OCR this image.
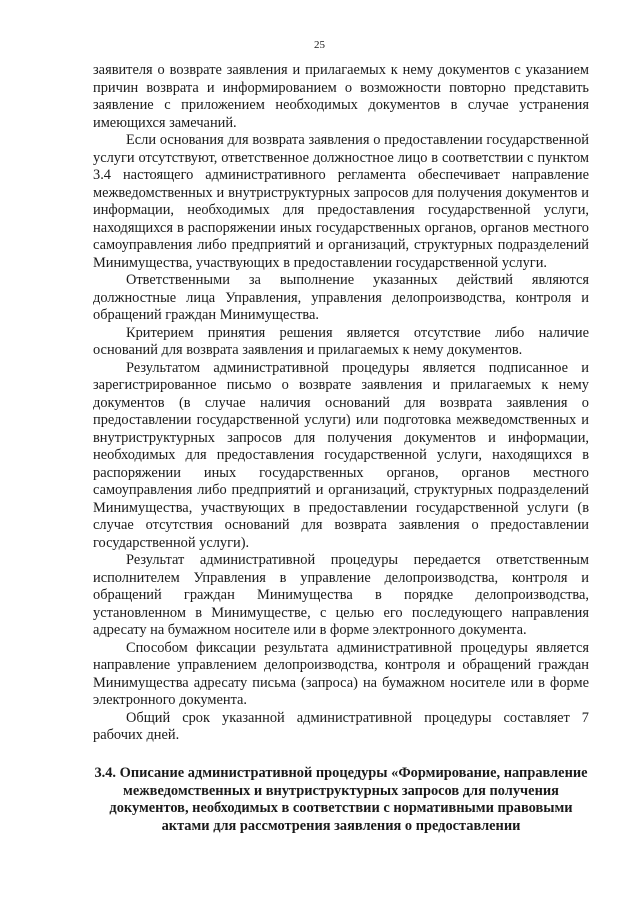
25

заявителя о возврате заявления и прилагаемых к нему документов с указанием причин возврата и информированием о возможности повторно представить заявление с приложением необходимых документов в случае устранения имеющихся замечаний.

Если основания для возврата заявления о предоставлении государственной услуги отсутствуют, ответственное должностное лицо в соответствии с пунктом 3.4 настоящего административного регламента обеспечивает направление межведомственных и внутриструктурных запросов для получения документов и информации, необходимых для предоставления государственной услуги, находящихся в распоряжении иных государственных органов, органов местного самоуправления либо предприятий и организаций, структурных подразделений Минимущества, участвующих в предоставлении государственной услуги.

Ответственными за выполнение указанных действий являются должностные лица Управления, управления делопроизводства, контроля и обращений граждан Минимущества.

Критерием принятия решения является отсутствие либо наличие оснований для возврата заявления и прилагаемых к нему документов.

Результатом административной процедуры является подписанное и зарегистрированное письмо о возврате заявления и прилагаемых к нему документов (в случае наличия оснований для возврата заявления о предоставлении государственной услуги) или подготовка межведомственных и внутриструктурных запросов для получения документов и информации, необходимых для предоставления государственной услуги, находящихся в распоряжении иных государственных органов, органов местного самоуправления либо предприятий и организаций, структурных подразделений Минимущества, участвующих в предоставлении государственной услуги (в случае отсутствия оснований для возврата заявления о предоставлении государственной услуги).

Результат административной процедуры передается ответственным исполнителем Управления в управление делопроизводства, контроля и обращений граждан Минимущества в порядке делопроизводства, установленном в Минимуществе, с целью его последующего направления адресату на бумажном носителе или в форме электронного документа.

Способом фиксации результата административной процедуры является направление управлением делопроизводства, контроля и обращений граждан Минимущества адресату письма (запроса) на бумажном носителе или в форме электронного документа.

Общий срок указанной административной процедуры составляет 7 рабочих дней.

3.4. Описание административной процедуры «Формирование, направление межведомственных и внутриструктурных запросов для получения документов, необходимых в соответствии с нормативными правовыми актами для рассмотрения заявления о предоставлении
